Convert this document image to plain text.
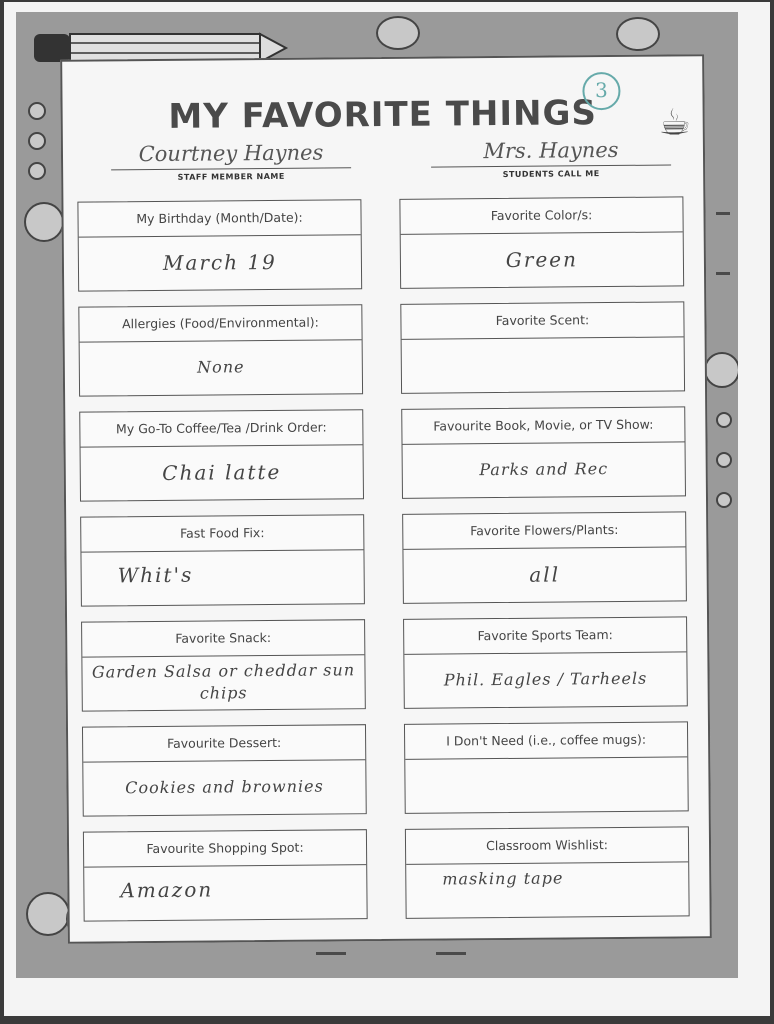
MY FAVORITE THINGS
3
☕
Courtney Haynes
STAFF MEMBER NAME
Mrs. Haynes
STUDENTS CALL ME
My Birthday (Month/Date):
March 19
Allergies (Food/Environmental):
None
My Go-To Coffee/Tea /Drink Order:
Chai latte
Fast Food Fix:
Whit's
Favorite Snack:
Garden Salsa or cheddar sun chips
Favourite Dessert:
Cookies and brownies
Favourite Shopping Spot:
Amazon
Favorite Color/s:
Green
Favorite Scent:
Favourite Book, Movie, or TV Show:
Parks and Rec
Favorite Flowers/Plants:
all
Favorite Sports Team:
Phil. Eagles / Tarheels
I Don't Need (i.e., coffee mugs):
Classroom Wishlist:
masking tape
